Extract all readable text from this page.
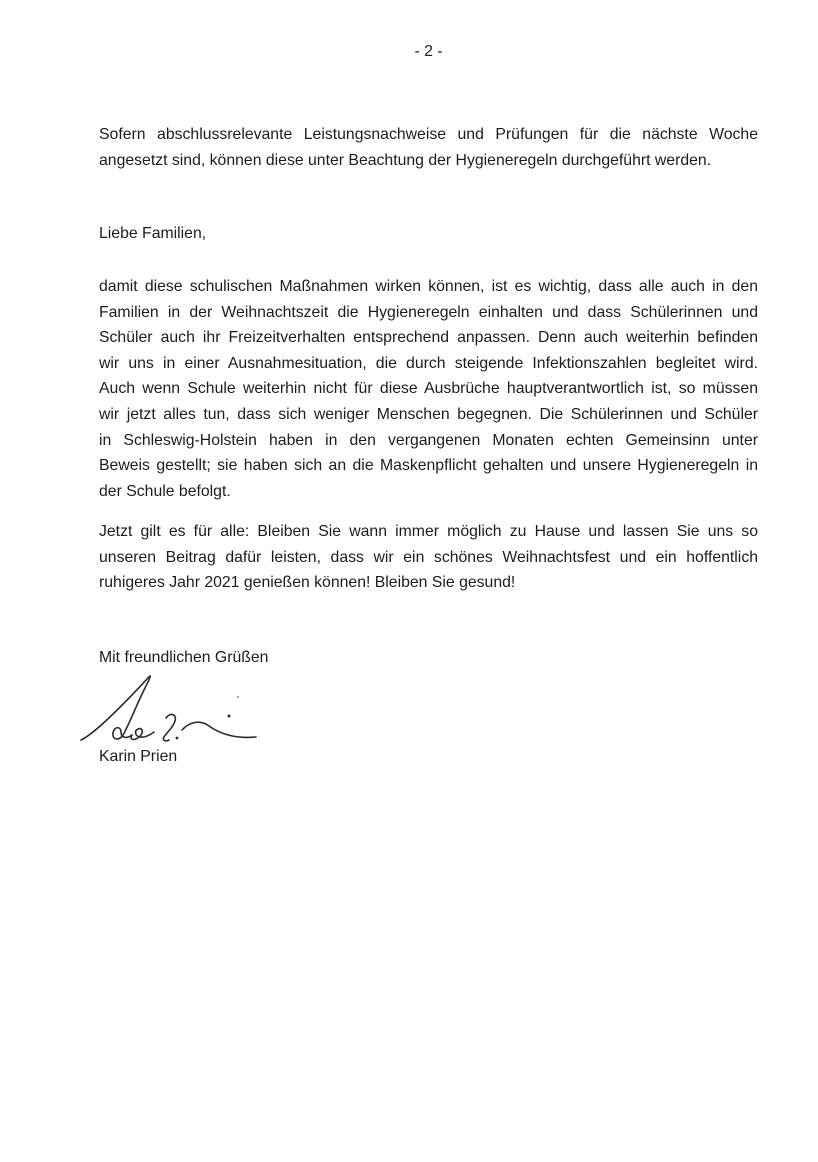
- 2 -
Sofern abschlussrelevante Leistungsnachweise und Prüfungen für die nächste Woche
angesetzt sind, können diese unter Beachtung der Hygieneregeln durchgeführt werden.
Liebe Familien,
damit diese schulischen Maßnahmen wirken können, ist es wichtig, dass alle auch in den
Familien in der Weihnachtszeit die Hygieneregeln einhalten und dass Schülerinnen und
Schüler auch ihr Freizeitverhalten entsprechend anpassen. Denn auch weiterhin befinden
wir uns in einer Ausnahmesituation, die durch steigende Infektionszahlen begleitet wird.
Auch wenn Schule weiterhin nicht für diese Ausbrüche hauptverantwortlich ist, so müssen
wir jetzt alles tun, dass sich weniger Menschen begegnen. Die Schülerinnen und Schüler
in Schleswig-Holstein haben in den vergangenen Monaten echten Gemeinsinn unter
Beweis gestellt; sie haben sich an die Maskenpflicht gehalten und unsere Hygieneregeln in
der Schule befolgt.
Jetzt gilt es für alle: Bleiben Sie wann immer möglich zu Hause und lassen Sie uns so
unseren Beitrag dafür leisten, dass wir ein schönes Weihnachtsfest und ein hoffentlich
ruhigeres Jahr 2021 genießen können! Bleiben Sie gesund!
Mit freundlichen Grüßen
Karin Prien
